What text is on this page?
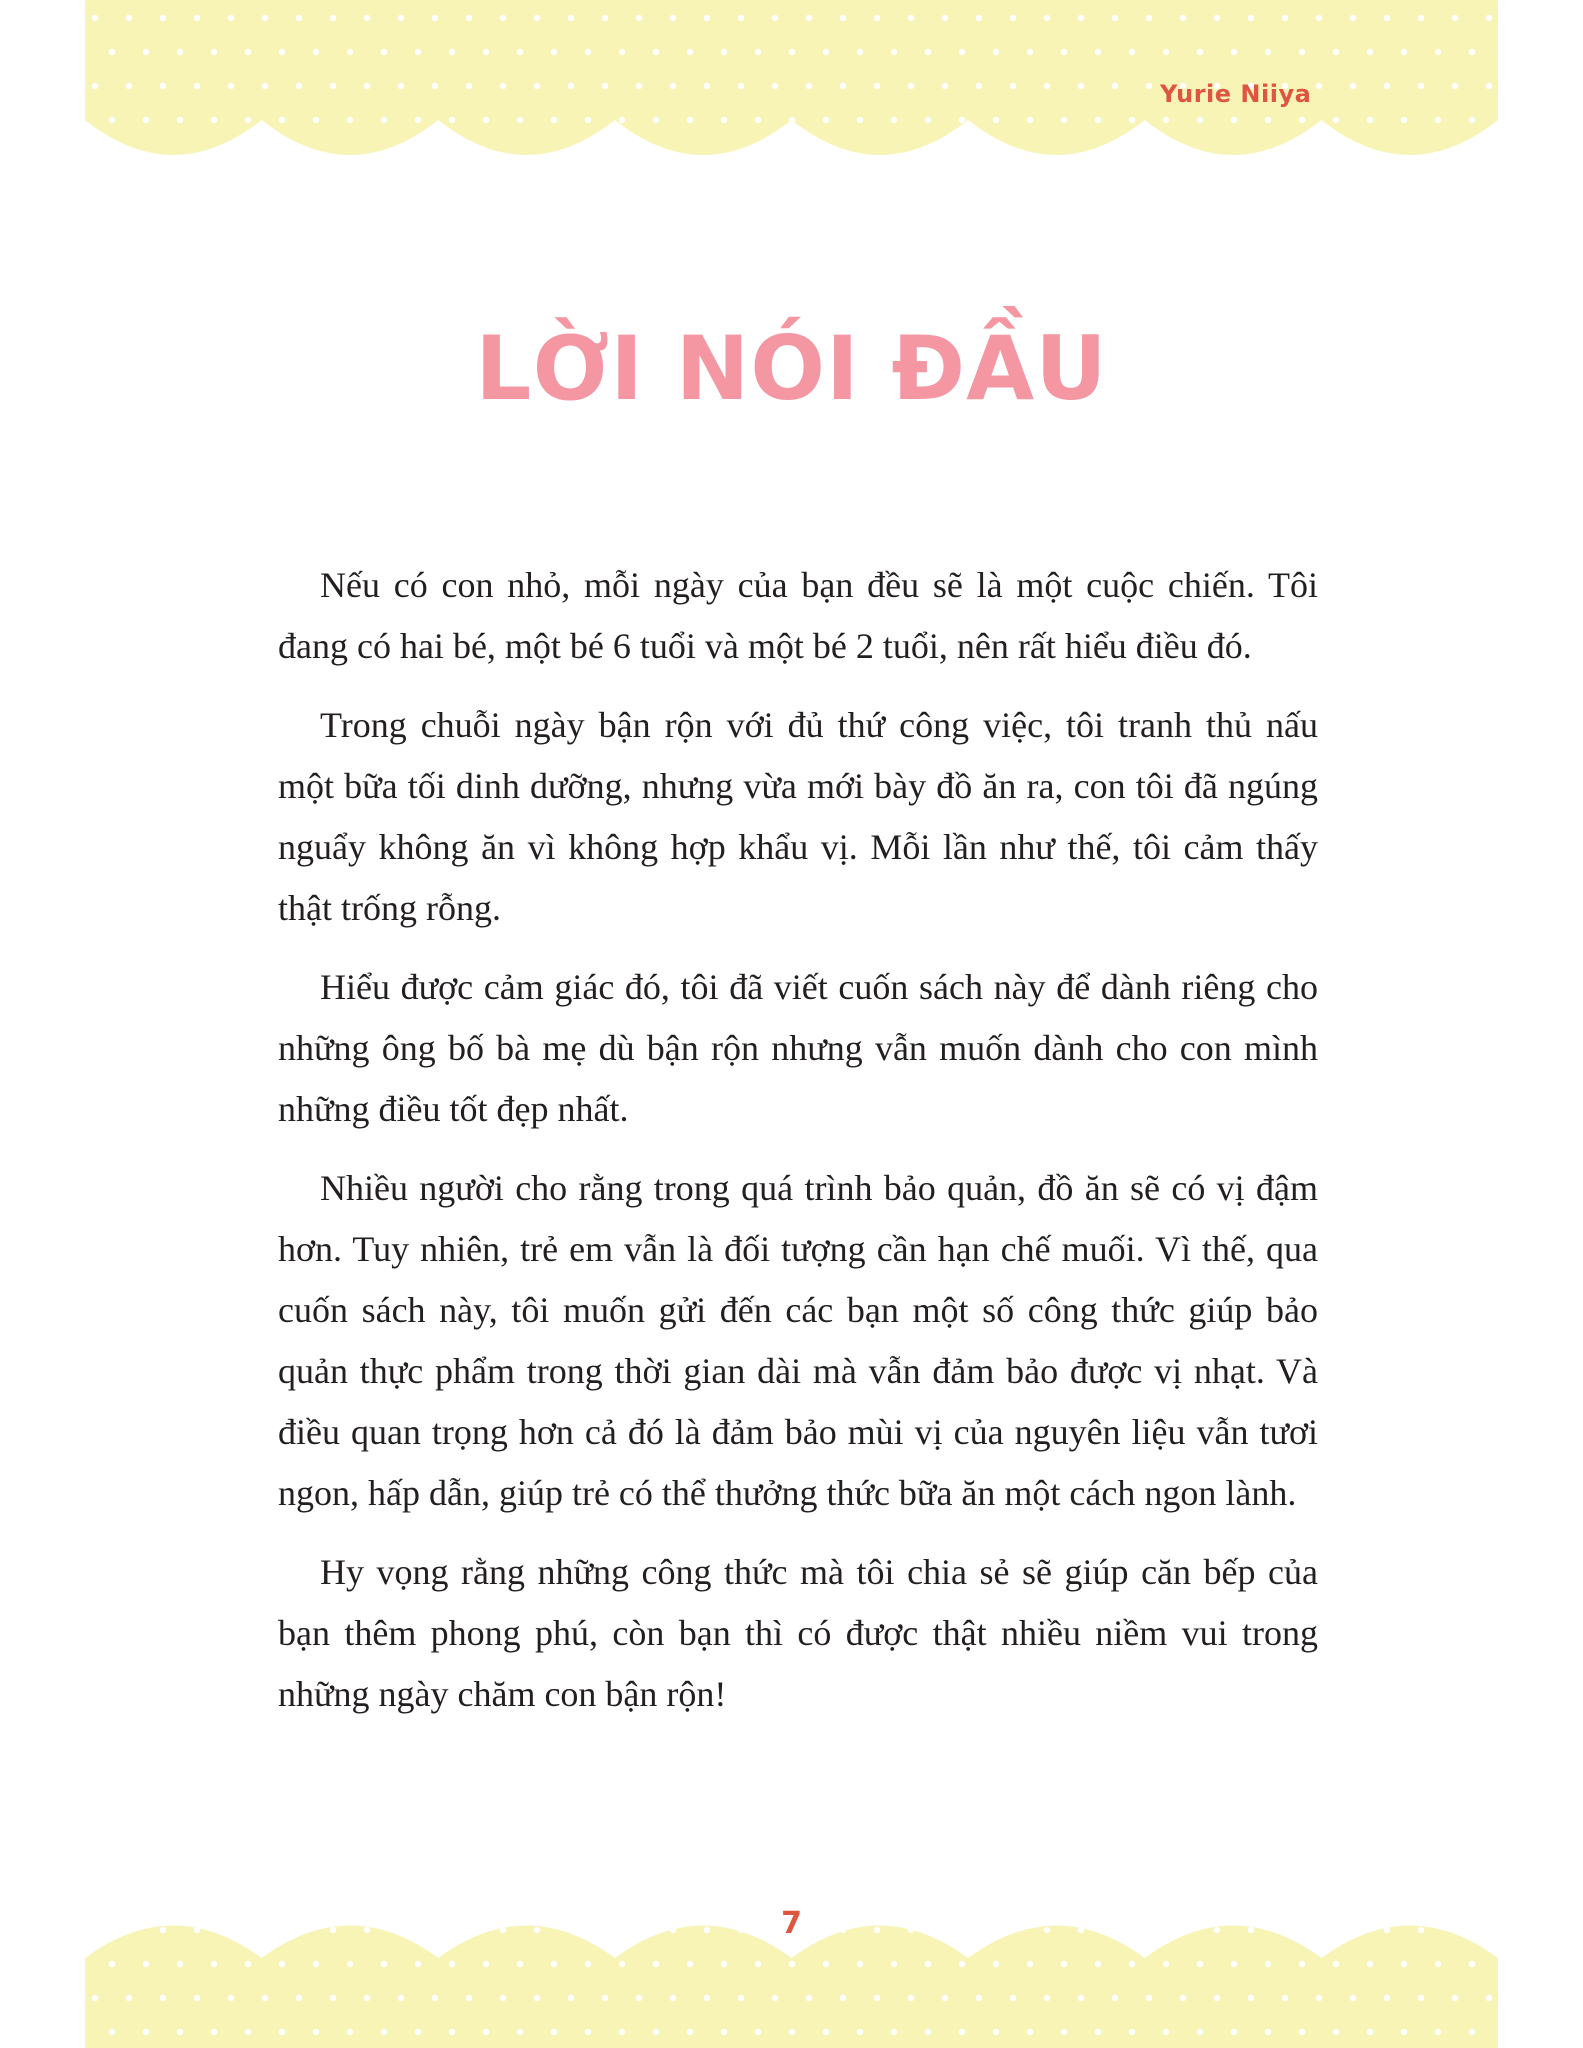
Yurie Niiya
LỜI NÓI ĐẦU

Nếu có con nhỏ, mỗi ngày của bạn đều sẽ là một cuộc chiến. Tôi đang có hai bé, một bé 6 tuổi và một bé 2 tuổi, nên rất hiểu điều đó.

Trong chuỗi ngày bận rộn với đủ thứ công việc, tôi tranh thủ nấu một bữa tối dinh dưỡng, nhưng vừa mới bày đồ ăn ra, con tôi đã ngúng nguẩy không ăn vì không hợp khẩu vị. Mỗi lần như thế, tôi cảm thấy thật trống rỗng.

Hiểu được cảm giác đó, tôi đã viết cuốn sách này để dành riêng cho những ông bố bà mẹ dù bận rộn nhưng vẫn muốn dành cho con mình những điều tốt đẹp nhất.

Nhiều người cho rằng trong quá trình bảo quản, đồ ăn sẽ có vị đậm hơn. Tuy nhiên, trẻ em vẫn là đối tượng cần hạn chế muối. Vì thế, qua cuốn sách này, tôi muốn gửi đến các bạn một số công thức giúp bảo quản thực phẩm trong thời gian dài mà vẫn đảm bảo được vị nhạt. Và điều quan trọng hơn cả đó là đảm bảo mùi vị của nguyên liệu vẫn tươi ngon, hấp dẫn, giúp trẻ có thể thưởng thức bữa ăn một cách ngon lành.

Hy vọng rằng những công thức mà tôi chia sẻ sẽ giúp căn bếp của bạn thêm phong phú, còn bạn thì có được thật nhiều niềm vui trong những ngày chăm con bận rộn!

7
